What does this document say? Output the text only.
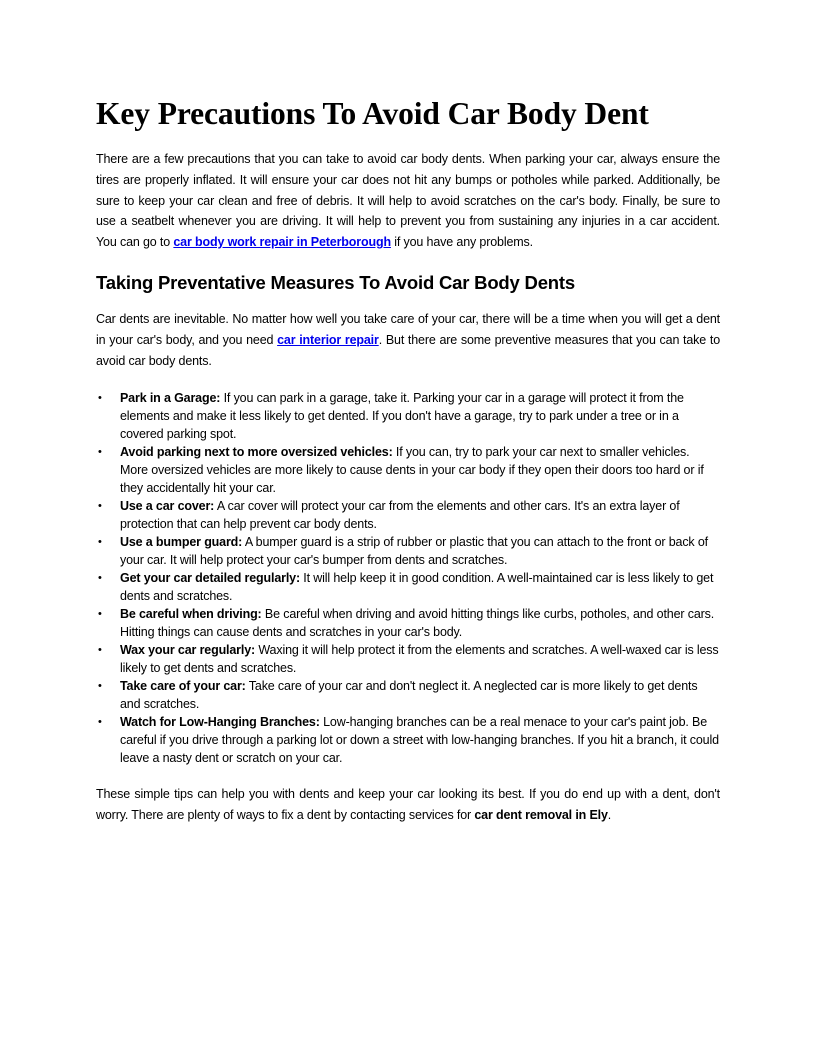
Key Precautions To Avoid Car Body Dent

There are a few precautions that you can take to avoid car body dents. When parking your car, always ensure the tires are properly inflated. It will ensure your car does not hit any bumps or potholes while parked. Additionally, be sure to keep your car clean and free of debris. It will help to avoid scratches on the car's body. Finally, be sure to use a seatbelt whenever you are driving. It will help to prevent you from sustaining any injuries in a car accident. You can go to car body work repair in Peterborough if you have any problems.

Taking Preventative Measures To Avoid Car Body Dents

Car dents are inevitable. No matter how well you take care of your car, there will be a time when you will get a dent in your car's body, and you need car interior repair. But there are some preventive measures that you can take to avoid car body dents.

• Park in a Garage: If you can park in a garage, take it. Parking your car in a garage will protect it from the elements and make it less likely to get dented. If you don't have a garage, try to park under a tree or in a covered parking spot.
• Avoid parking next to more oversized vehicles: If you can, try to park your car next to smaller vehicles. More oversized vehicles are more likely to cause dents in your car body if they open their doors too hard or if they accidentally hit your car.
• Use a car cover: A car cover will protect your car from the elements and other cars. It's an extra layer of protection that can help prevent car body dents.
• Use a bumper guard: A bumper guard is a strip of rubber or plastic that you can attach to the front or back of your car. It will help protect your car's bumper from dents and scratches.
• Get your car detailed regularly: It will help keep it in good condition. A well-maintained car is less likely to get dents and scratches.
• Be careful when driving: Be careful when driving and avoid hitting things like curbs, potholes, and other cars. Hitting things can cause dents and scratches in your car's body.
• Wax your car regularly: Waxing it will help protect it from the elements and scratches. A well-waxed car is less likely to get dents and scratches.
• Take care of your car: Take care of your car and don't neglect it. A neglected car is more likely to get dents and scratches.
• Watch for Low-Hanging Branches: Low-hanging branches can be a real menace to your car's paint job. Be careful if you drive through a parking lot or down a street with low-hanging branches. If you hit a branch, it could leave a nasty dent or scratch on your car.

These simple tips can help you with dents and keep your car looking its best. If you do end up with a dent, don't worry. There are plenty of ways to fix a dent by contacting services for car dent removal in Ely.
